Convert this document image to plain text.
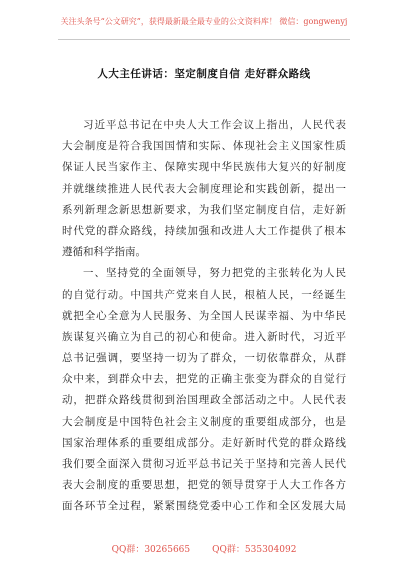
关注头条号“公文研究”，获得最新最全最专业的公文资料库！ 微信：gongwenyj
人大主任讲话：坚定制度自信 走好群众路线
习近平总书记在中央人大工作会议上指出，人民代表
大会制度是符合我国国情和实际、体现社会主义国家性质
保证人民当家作主、保障实现中华民族伟大复兴的好制度
并就继续推进人民代表大会制度理论和实践创新，提出一
系列新理念新思想新要求，为我们坚定制度自信，走好新
时代党的群众路线，持续加强和改进人大工作提供了根本
遵循和科学指南。
一、坚持党的全面领导，努力把党的主张转化为人民
的自觉行动。中国共产党来自人民，根植人民，一经诞生
就把全心全意为人民服务、为全国人民谋幸福、为中华民
族谋复兴确立为自己的初心和使命。进入新时代，习近平
总书记强调，要坚持一切为了群众，一切依靠群众，从群
众中来，到群众中去，把党的正确主张变为群众的自觉行
动，把群众路线贯彻到治国理政全部活动之中。人民代表
大会制度是中国特色社会主义制度的重要组成部分，也是
国家治理体系的重要组成部分。走好新时代党的群众路线
我们要全面深入贯彻习近平总书记关于坚持和完善人民代
表大会制度的重要思想，把党的领导贯穿于人大工作各方
面各环节全过程，紧紧围绕党委中心工作和全区发展大局
QQ群：30265665 QQ群：535304092
